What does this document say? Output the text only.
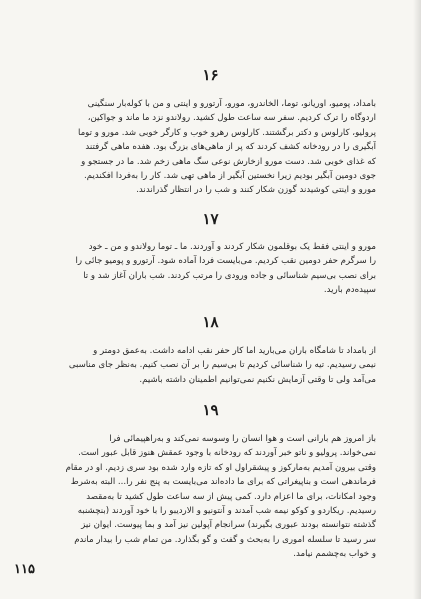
۱۶
بامداد، پومیو، اوریانو، توما، الخاندرو، مورو، آرتورو و اینتی و من با کوله‌بار سنگینی
اردوگاه را ترک کردیم. سفر سه ساعت طول کشید. رولاندو نزد ما ماند و جواکین،
پرولیو، کارلوس و دکتر برگشتند. کارلوس رهرو خوب و کارگر خوبی شد. مورو و توما
آبگیری را در رودخانه کشف کردند که پر از ماهی‌های بزرگ بود. هفده ماهی گرفتند
که غذای خوبی شد. دست مورو ازخارش نوعی سگ ماهی زخم شد. ما در جستجو و
جوی دومین آبگیر بودیم زیرا نخستین آبگیر از ماهی تهی شد. کار را به‌فردا افکندیم.
مورو و اینتی کوشیدند گوزن شکار کنند و شب را در انتظار گذراندند.
۱۷
مورو و اینتی فقط یک بوقلمون شکار کردند و آوردند. ما ـ توما رولاندو و من ـ خود
را سرگرم حفر دومین نقب کردیم. می‌بایست فردا آماده شود. آرتورو و پومیو جائی را
برای نصب بی‌سیم شناسائی و جاده ورودی را مرتب کردند. شب باران آغاز شد و تا
سپیده‌دم بارید.
۱۸
از بامداد تا شامگاه باران می‌بارید اما کار حفر نقب ادامه داشت. به‌عمق دومتر و
نیمی رسیدیم. تیه را شناسائی کردیم تا بی‌سیم را بر آن نصب کنیم. به‌نظر جای مناسبی
می‌آمد ولی تا وقتی آزمایش نکنیم نمی‌توانیم اطمینان داشته باشیم.
۱۹
باز امروز هم بارانی است و هوا انسان را وسوسه نمی‌کند و به‌راهپیمائی فرا
نمی‌خواند. پرولیو و ناتو خبر آوردند که رودخانه با وجود عمقش هنوز قابل عبور است.
وقتی بیرون آمدیم به‌مارکوز و پیشقراول او که تازه وارد شده بود سری زدیم. او در مقام
فرماندهی است و بناپیغراتی که برای ما داده‌اند می‌بایست به پنج نفر را... البته به‌شرط
وجود امکانات، برای ما اعزام دارد. کمی پیش از سه ساعت طول کشید تا به‌مقصد
رسیدیم. ریکاردو و کوکو نیمه شب آمدند و آنتونیو و الاردیبو را با خود آوردند (بنچشنبه
گذشته نتوانسته بودند عبوری بگیرند) سرانجام آپولین نیز آمد و بما پیوست. ایوان نیز
سر رسید تا سلسله اموری را به‌بحث و گفت و گو بگذارد. من تمام شب را بیدار ماندم
و خواب به‌چشمم نیامد.
۱۱۵
